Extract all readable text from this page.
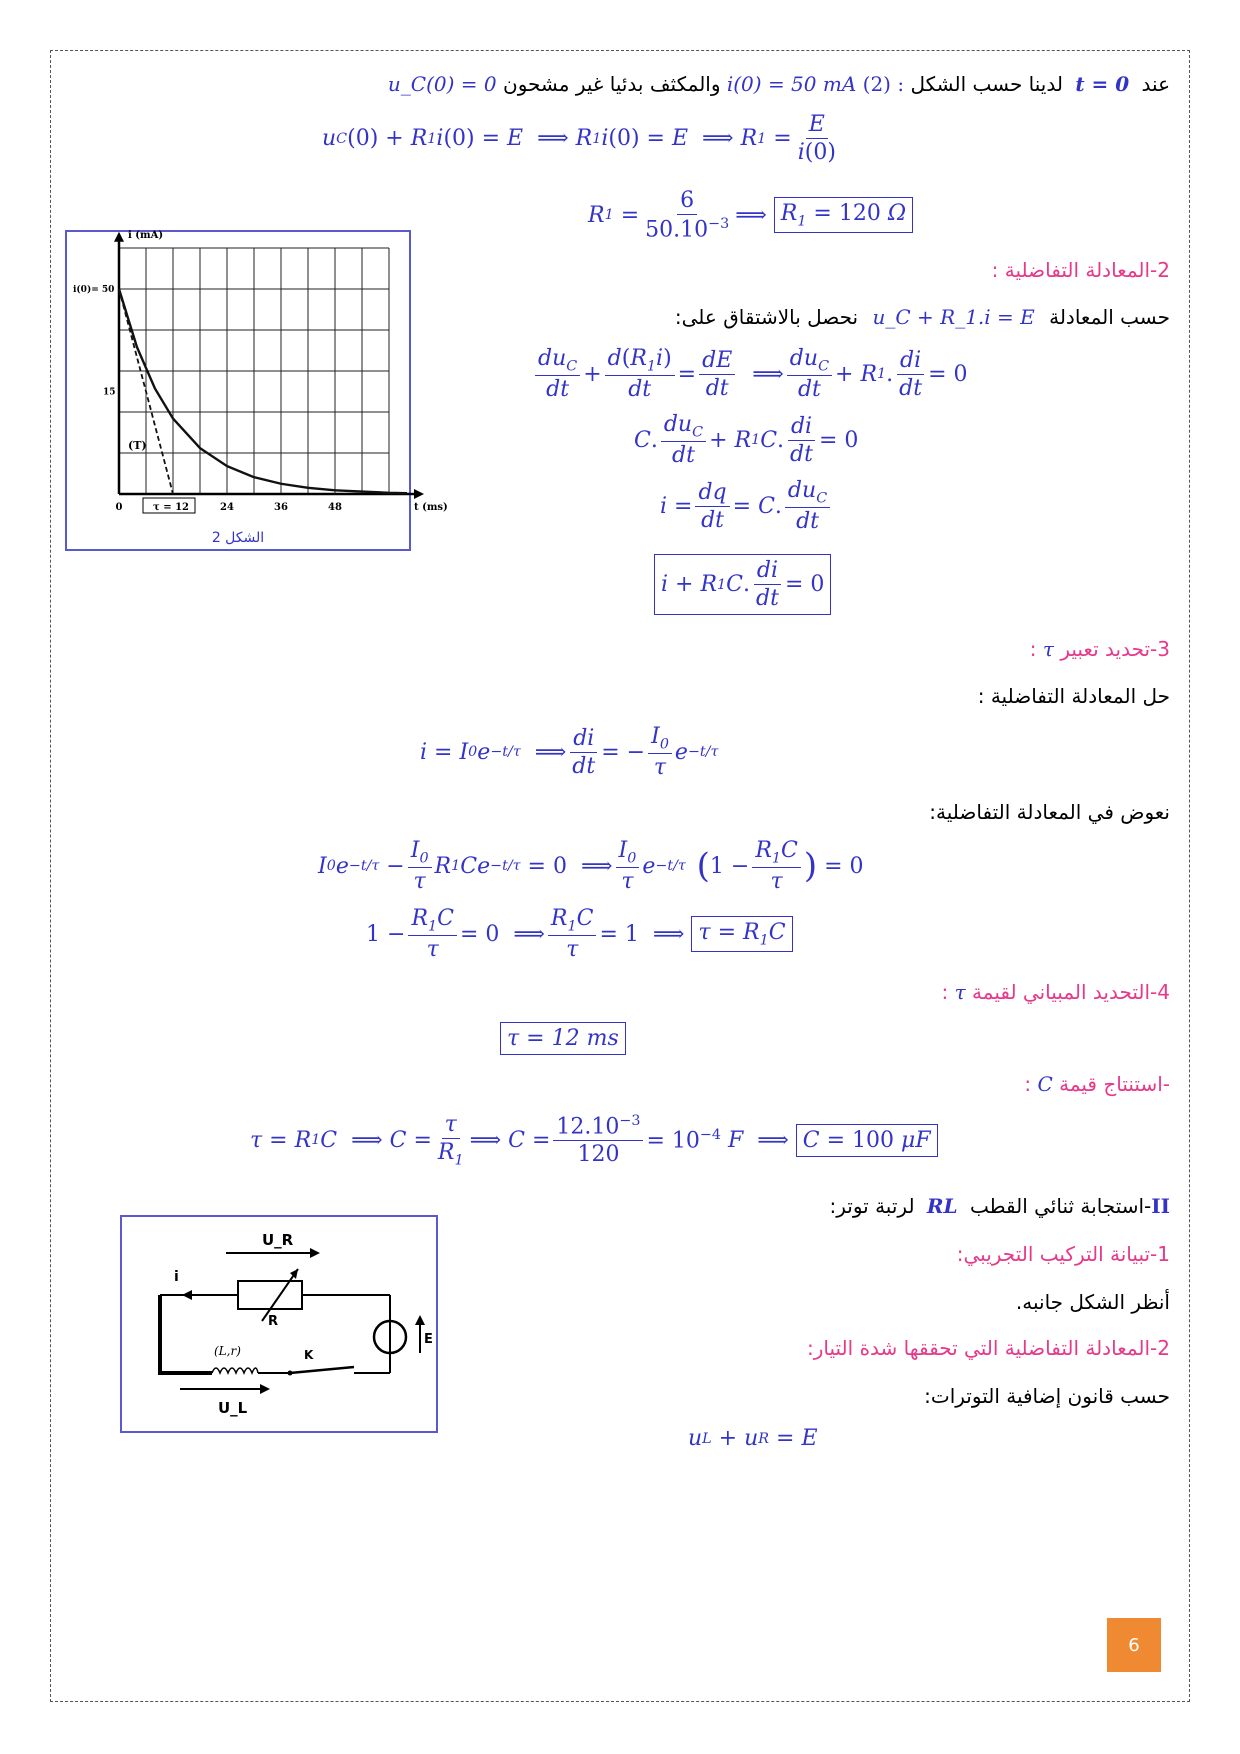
عند t = 0 لدينا حسب الشكل (2) : i(0) = 50 mA والمكثف بدئيا غير مشحون u_C(0) = 0
u C (0) + R 1 i (0) = E ⟹ R 1 i (0) = E ⟹ R 1
= $\frac{E}{i(0)}$
R 1
= $\frac{6}{50.10^{-3}}$ ⟹ $R_1 = 120$ Ω
i (mA)
t (ms)
i(0)= 50
15
0	τ = 12	24	36	48
(T)
الشكل 2
2-المعادلة التفاضلية :
حسب المعادلة u_C + R_1.i = E نحصل بالاشتقاق على:
$\frac{du_C}{dt} + \frac{d(R_1i)}{dt} = \frac{dE}{dt}$ ⟹ $\frac{du_C}{dt} + R$ 1 . $\frac{di}{dt} = 0$
C . $\frac{du_C}{dt} + R$ 1 C . $\frac{di}{dt} = 0$
$i = \frac{dq}{dt} = C$ . $\frac{du_C}{dt}$
i + R 1 C . $\frac{di}{dt} = 0$
3-تحديد تعبير τ :
حل المعادلة التفاضلية :
i = I 0 e −t/τ ⟹ $\frac{di}{dt}$ = − $\frac{I_0}{\tau}$ e −t/τ
نعوض في المعادلة التفاضلية:
I 0 $e -t/\tau - \frac{I_0}{\tau}$ R 1 Ce −t/τ = 0  ⟹ $\frac{I_0}{\tau}$ e −t/τ ( $1 - \frac{R_1C}{\tau}$ ) = 0
$1 - \frac{R_1C}{\tau} = 0$  ⟹ $\frac{R_1C}{\tau} = 1$  ⟹ $\tau = R_1C$
4-التحديد المبياني لقيمة τ :
τ = 12 ms
-استنتاج قيمة C :
τ = R 1 C ⟹ $C = \frac{\tau}{R_1}$ ⟹ $C = \frac{12.10^{-3}}{120} = 10^{-4}$ F ⟹ C = 100 μF
II-استجابة ثنائي القطب RL لرتبة توتر:
1-تبيانة التركيب التجريبي:
أنظر الشكل جانبه.
2-المعادلة التفاضلية التي تحققها شدة التيار:
حسب قانون إضافية التوترات:
u L + u R = E
i
R
U_R
E
(L,r)	K
U_L
6
